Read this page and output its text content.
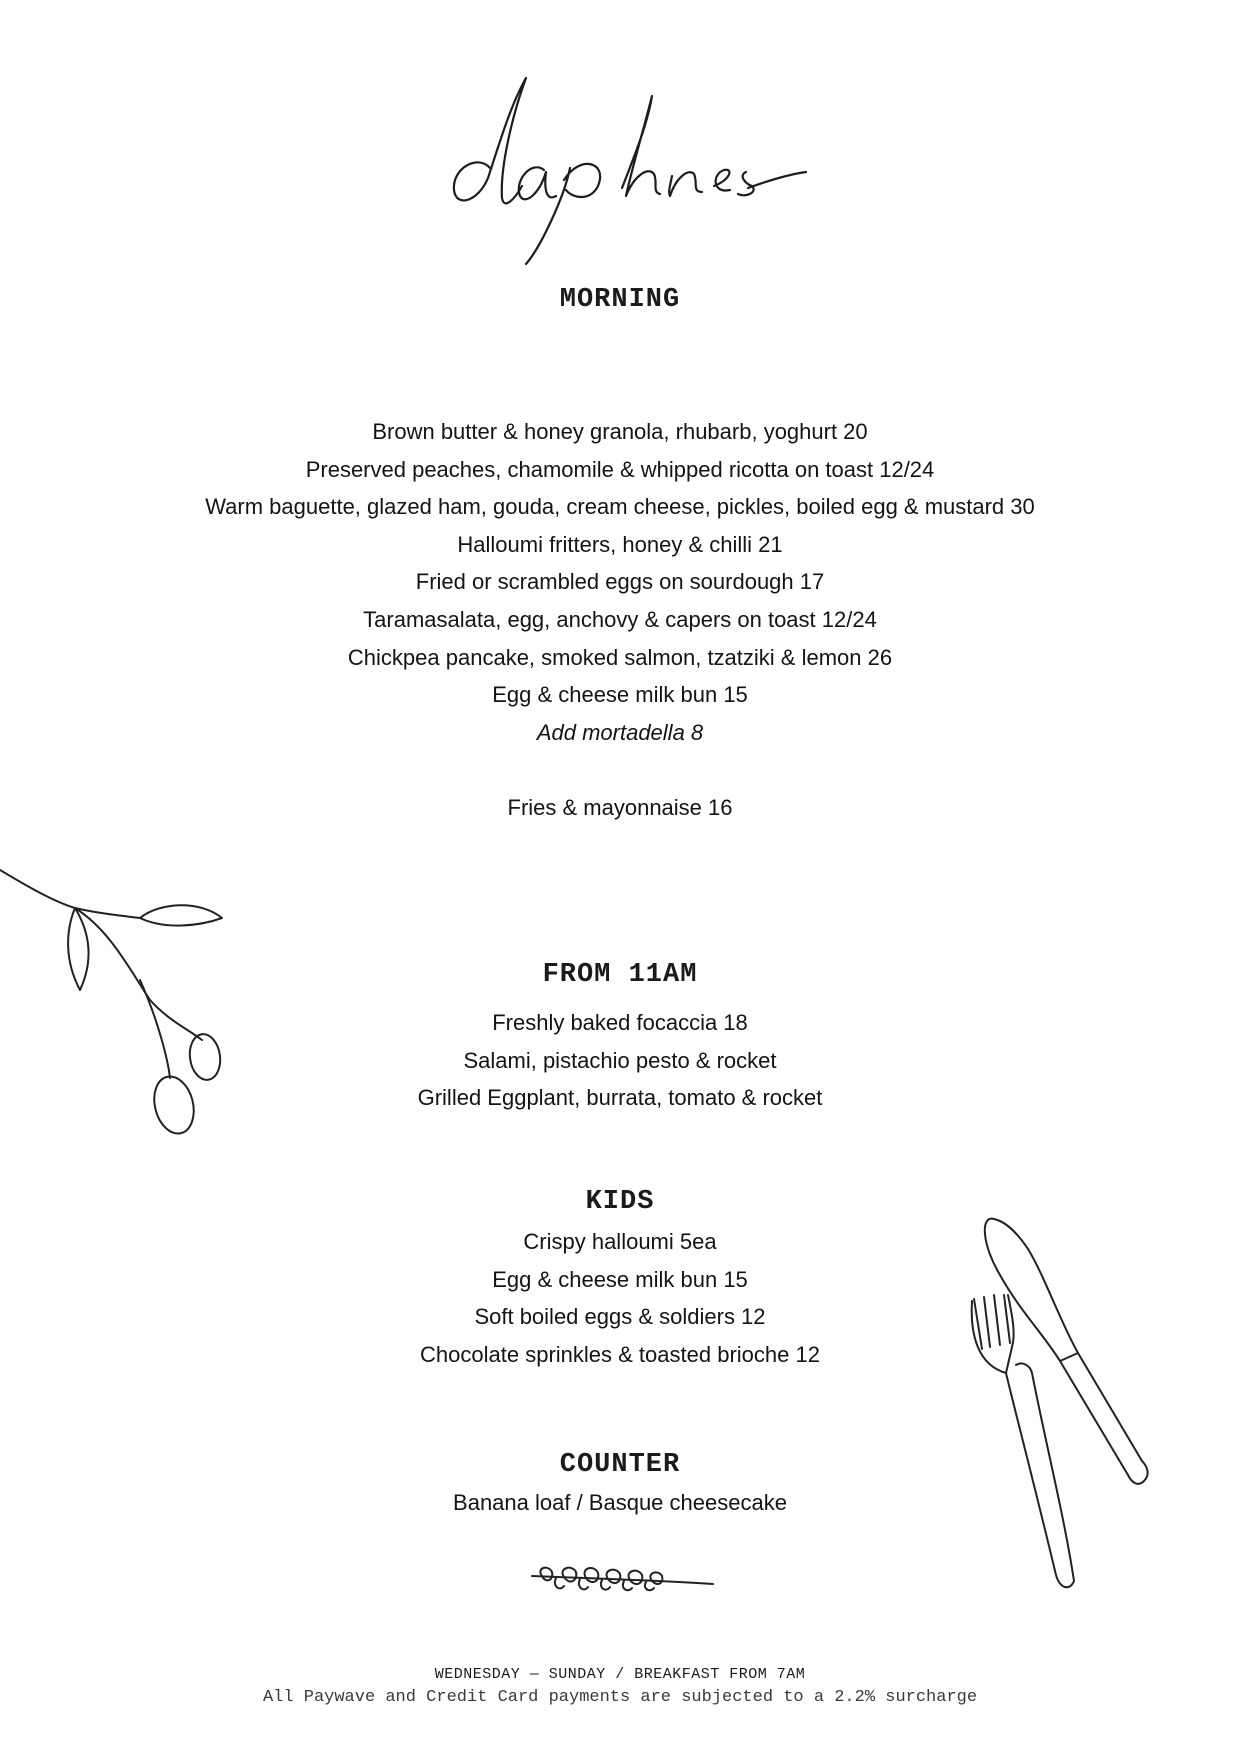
MORNING
Brown butter & honey granola, rhubarb, yoghurt 20
Preserved peaches, chamomile & whipped ricotta on toast 12/24
Warm baguette, glazed ham, gouda, cream cheese, pickles, boiled egg & mustard 30
Halloumi fritters, honey & chilli 21
Fried or scrambled eggs on sourdough 17
Taramasalata, egg, anchovy & capers on toast 12/24
Chickpea pancake, smoked salmon, tzatziki & lemon 26
Egg & cheese milk bun 15
Add mortadella 8
Fries & mayonnaise 16
FROM 11AM
Freshly baked focaccia 18
Salami, pistachio pesto & rocket
Grilled Eggplant, burrata, tomato & rocket
KIDS
Crispy halloumi 5ea
Egg & cheese milk bun 15
Soft boiled eggs & soldiers 12
Chocolate sprinkles & toasted brioche 12
COUNTER
Banana loaf / Basque cheesecake

WEDNESDAY — SUNDAY / BREAKFAST FROM 7AM

All Paywave and Credit Card payments are subjected to a 2.2% surcharge
